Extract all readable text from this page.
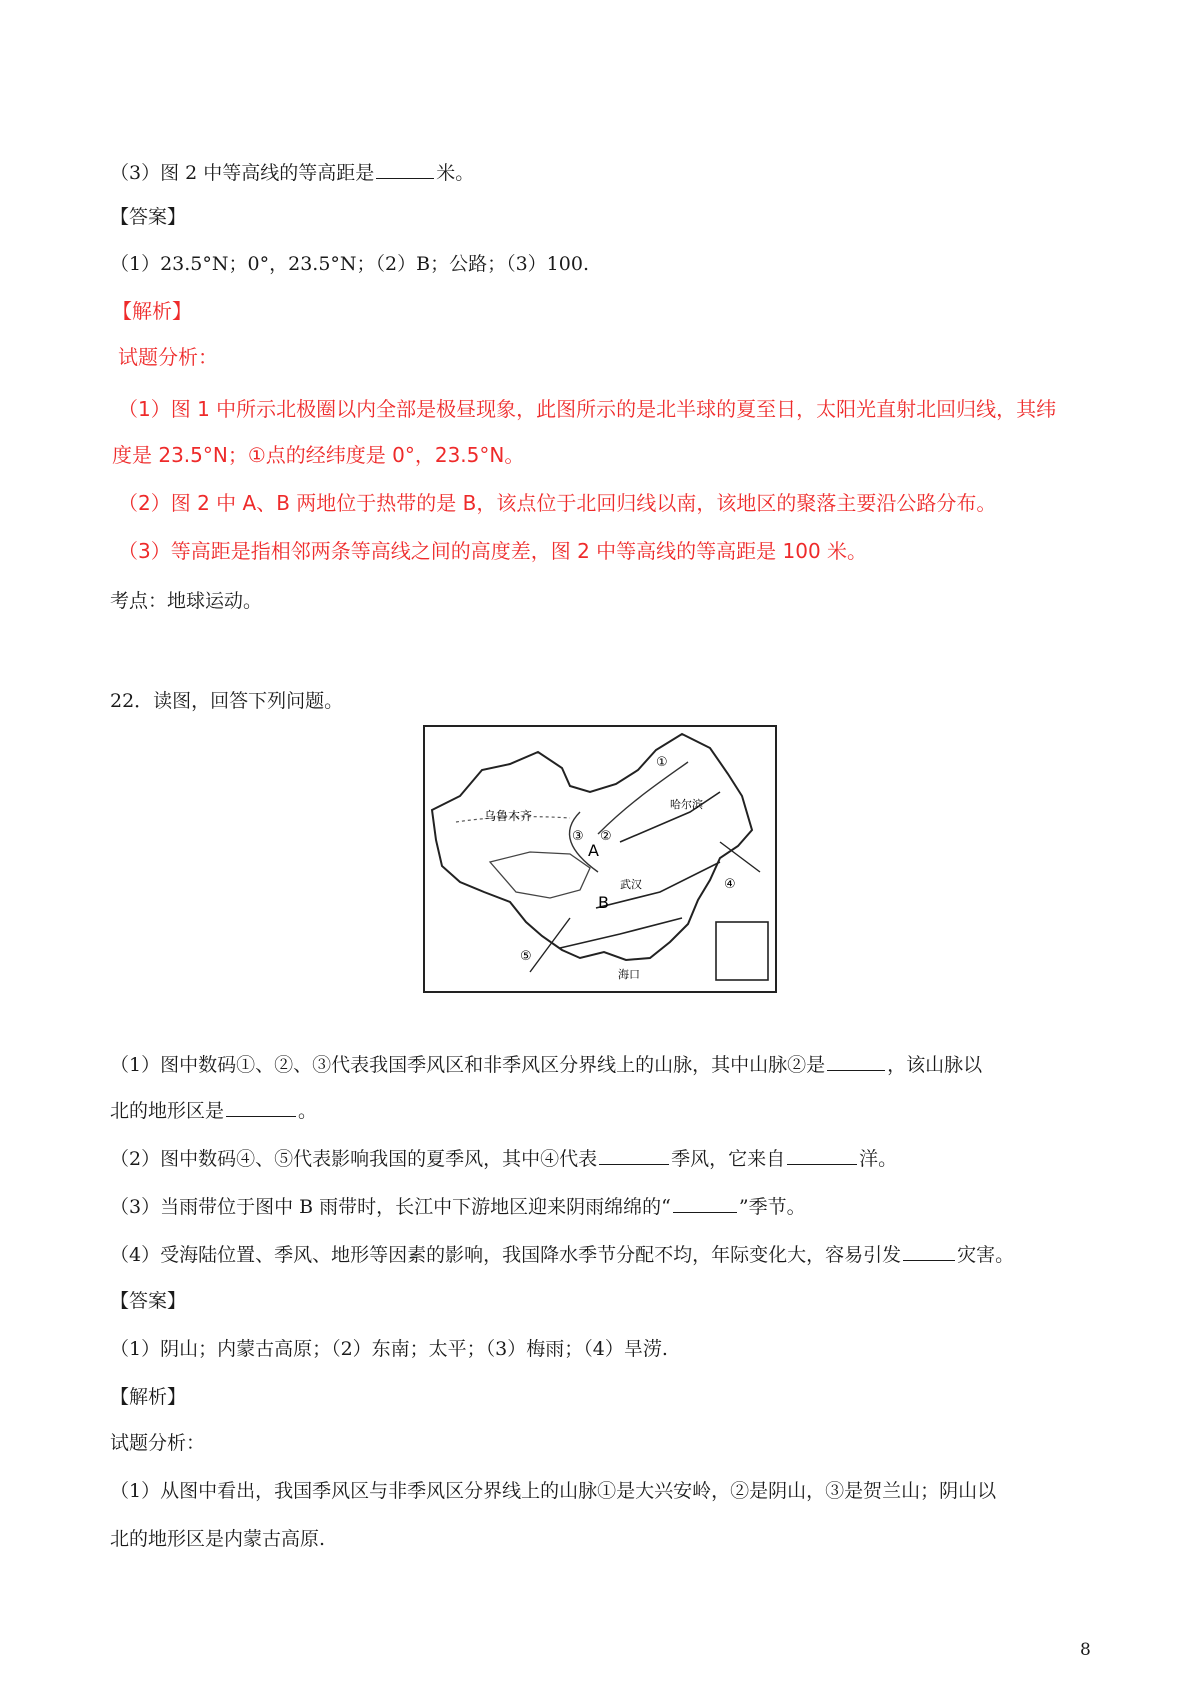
（3）图 2 中等高线的等高距是	米。
【答案】
（1）23.5°N；0°，23.5°N；（2）B；公路；（3）100.
【解析】
试题分析：
（1）图 1 中所示北极圈以内全部是极昼现象，此图所示的是北半球的夏至日，太阳光直射北回归线，其纬
度是 23.5°N；①点的经纬度是 0°，23.5°N。
（2）图 2 中 A、B 两地位于热带的是 B，该点位于北回归线以南，该地区的聚落主要沿公路分布。
（3）等高距是指相邻两条等高线之间的高度差，图 2 中等高线的等高距是 100 米。
考点：地球运动。
22．读图，回答下列问题。
乌鲁木齐
哈尔滨
武汉
海口
①
②
③
④
⑤
A
B
（1）图中数码①、②、③代表我国季风区和非季风区分界线上的山脉，其中山脉②是	，该山脉以
北的地形区是	。
（2）图中数码④、⑤代表影响我国的夏季风，其中④代表	季风，它来自	洋。
（3）当雨带位于图中 B 雨带时，长江中下游地区迎来阴雨绵绵的“	”季节。
（4）受海陆位置、季风、地形等因素的影响，我国降水季节分配不均，年际变化大，容易引发	灾害。
【答案】
（1）阴山；内蒙古高原；（2）东南；太平；（3）梅雨；（4）旱涝.
【解析】
试题分析：
（1）从图中看出，我国季风区与非季风区分界线上的山脉①是大兴安岭，②是阴山，③是贺兰山；阴山以
北的地形区是内蒙古高原.
8
